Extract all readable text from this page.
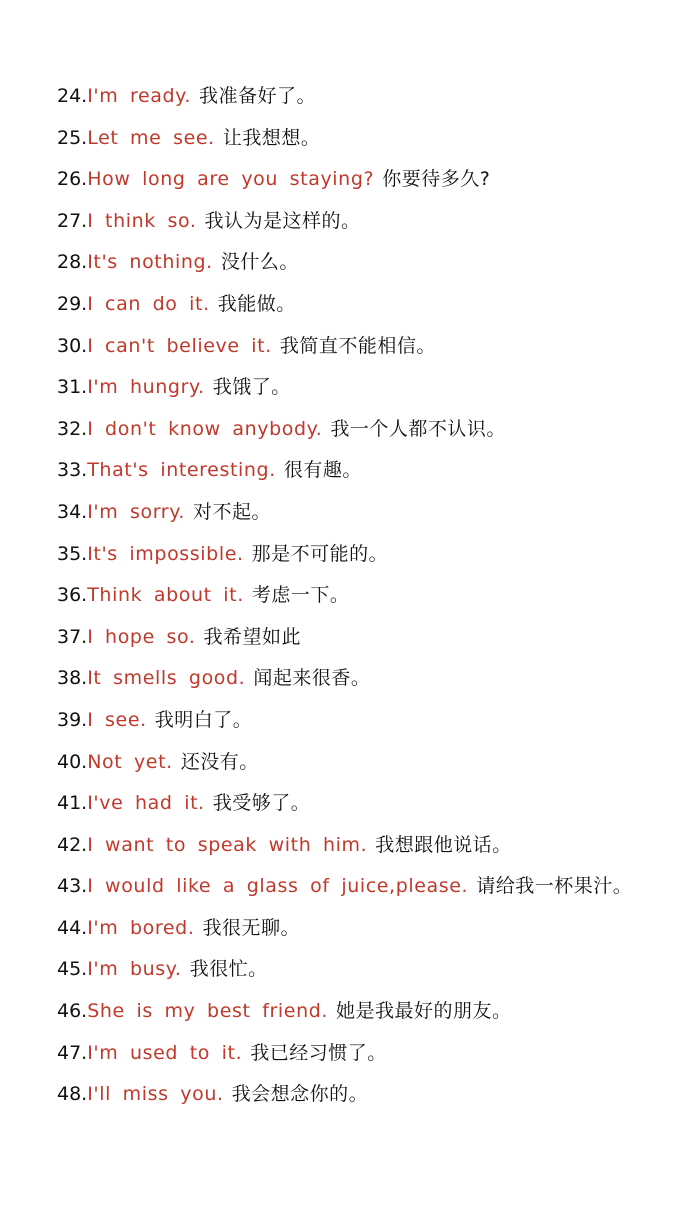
24.I'm ready. 我准备好了。
25.Let me see. 让我想想。
26.How long are you staying? 你要待多久?
27.I think so. 我认为是这样的。
28.It's nothing. 没什么。
29.I can do it. 我能做。
30.I can't believe it. 我简直不能相信。
31.I'm hungry. 我饿了。
32.I don't know anybody. 我一个人都不认识。
33.That's interesting. 很有趣。
34.I'm sorry. 对不起。
35.It's impossible. 那是不可能的。
36.Think about it. 考虑一下。
37.I hope so. 我希望如此
38.It smells good. 闻起来很香。
39.I see. 我明白了。
40.Not yet. 还没有。
41.I've had it. 我受够了。
42.I want to speak with him. 我想跟他说话。
43.I would like a glass of juice,please. 请给我一杯果汁。
44.I'm bored. 我很无聊。
45.I'm busy. 我很忙。
46.She is my best friend. 她是我最好的朋友。
47.I'm used to it. 我已经习惯了。
48.I'll miss you. 我会想念你的。
